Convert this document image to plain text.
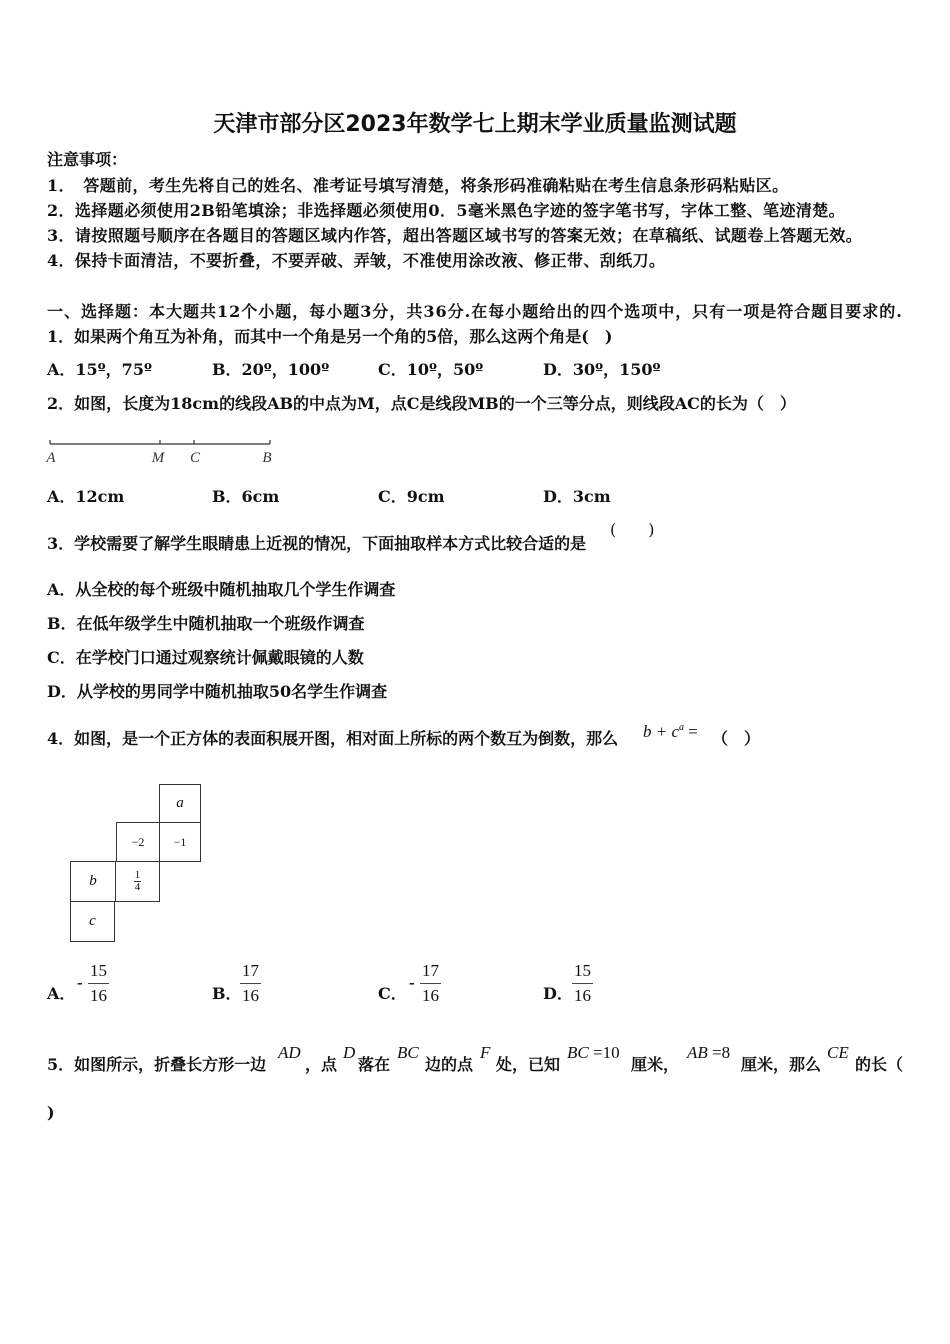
天津市部分区2023年数学七上期末学业质量监测试题
注意事项：
1．　答题前，考生先将自己的姓名、准考证号填写清楚，将条形码准确粘贴在考生信息条形码粘贴区。
2．选择题必须使用2B铅笔填涂；非选择题必须使用0．5毫米黑色字迹的签字笔书写，字体工整、笔迹清楚。
3．请按照题号顺序在各题目的答题区域内作答，超出答题区域书写的答案无效；在草稿纸、试题卷上答题无效。
4．保持卡面清洁，不要折叠，不要弄破、弄皱，不准使用涂改液、修正带、刮纸刀。
一、选择题：本大题共12个小题，每小题3分，共36分.在每小题给出的四个选项中，只有一项是符合题目要求的.
1．如果两个角互为补角，而其中一个角是另一个角的5倍，那么这两个角是(　)
A．15º，75º	B．20º，100º	C．10º，50º	D．30º，150º
2．如图，长度为18cm的线段AB的中点为M，点C是线段MB的一个三等分点，则线段AC的长为（　）
A	M C	B
A．12cm	B．6cm	C．9cm	D．3cm
3．学校需要了解学生眼睛患上近视的情况，下面抽取样本方式比较合适的是
(　　)
A．从全校的每个班级中随机抽取几个学生作调查
B．在低年级学生中随机抽取一个班级作调查
C．在学校门口通过观察统计佩戴眼镜的人数
D．从学校的男同学中随机抽取50名学生作调查
4．如图，是一个正方体的表面积展开图，相对面上所标的两个数互为倒数，那么 $b + c^a$ = （　）
a
−2 −1
b	$\frac{1}{4}$
c
A．
- $\frac{15}{16}$	B．
$\frac{17}{16}$	C．
- $\frac{17}{16}$	D． $\frac{15}{16}$
5．如图所示，折叠长方形一边
AD
，点
D
落在
BC
边的点
F
处，已知
BC =10
厘米，
AB =8
厘米，那么
CE
的长（
)
